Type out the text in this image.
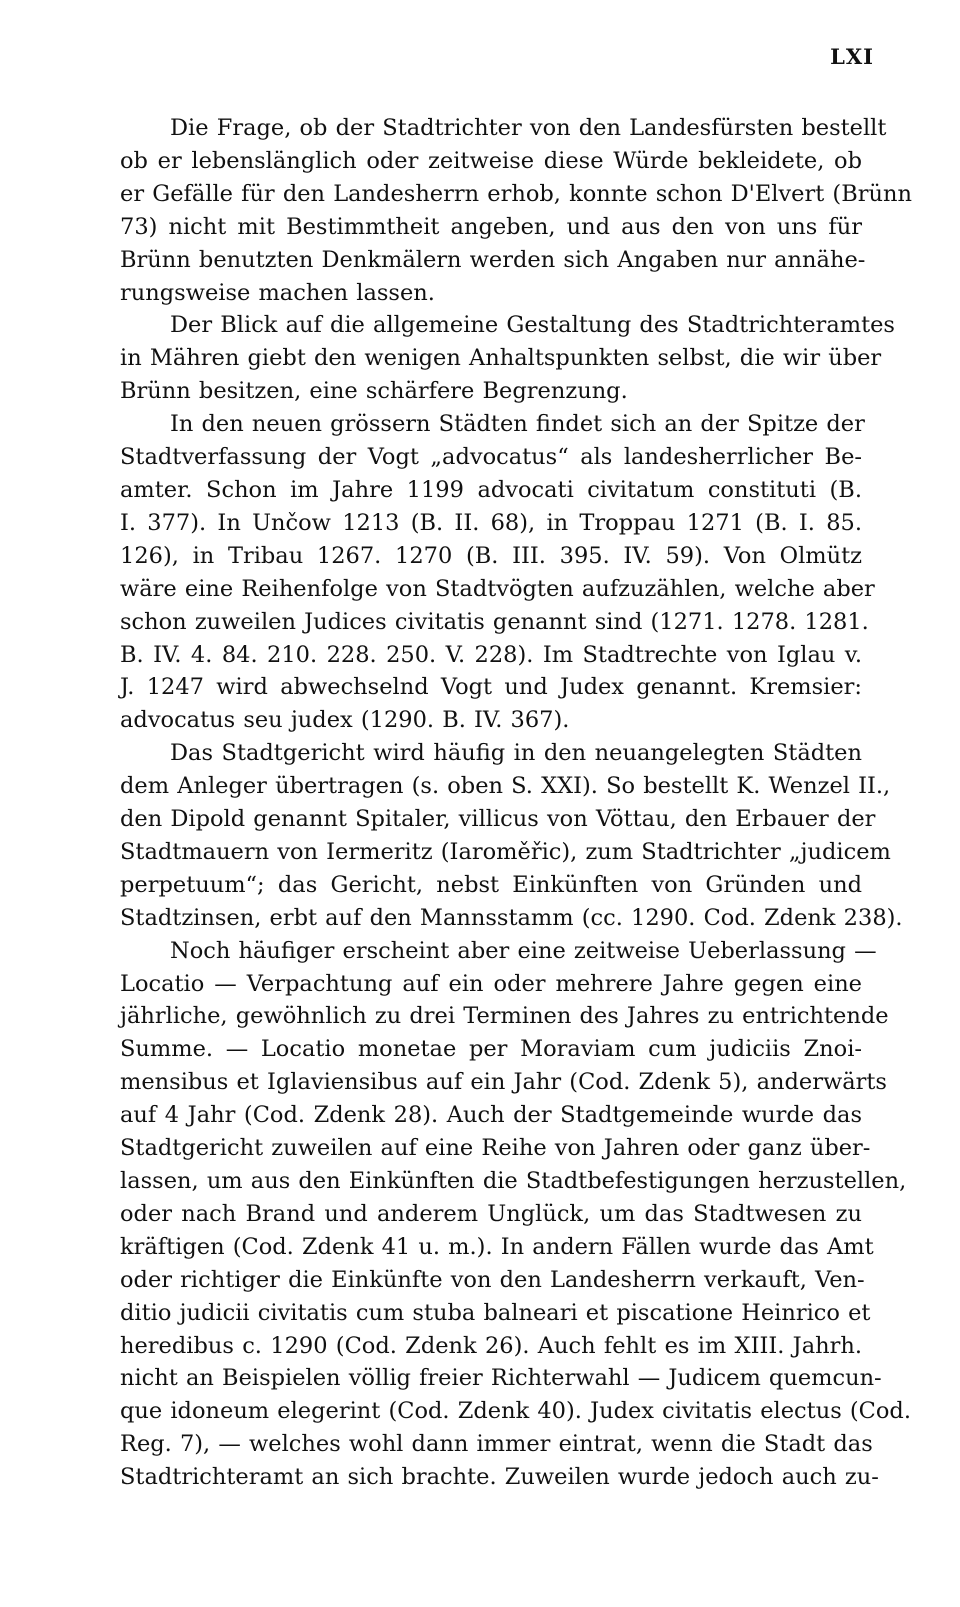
LXI
Die Frage, ob der Stadtrichter von den Landesfürsten bestellt
ob er lebenslänglich oder zeitweise diese Würde bekleidete, ob
er Gefälle für den Landesherrn erhob, konnte schon D'Elvert (Brünn
73) nicht mit Bestimmtheit angeben, und aus den von uns für
Brünn benutzten Denkmälern werden sich Angaben nur annähe-
rungsweise machen lassen.
Der Blick auf die allgemeine Gestaltung des Stadtrichteramtes
in Mähren giebt den wenigen Anhaltspunkten selbst, die wir über
Brünn besitzen, eine schärfere Begrenzung.
In den neuen grössern Städten findet sich an der Spitze der
Stadtverfassung der Vogt „advocatus“ als landesherrlicher Be-
amter. Schon im Jahre 1199 advocati civitatum constituti (B.
I. 377). In Unčow 1213 (B. II. 68), in Troppau 1271 (B. I. 85.
126), in Tribau 1267. 1270 (B. III. 395. IV. 59). Von Olmütz
wäre eine Reihenfolge von Stadtvögten aufzuzählen, welche aber
schon zuweilen Judices civitatis genannt sind (1271. 1278. 1281.
B. IV. 4. 84. 210. 228. 250. V. 228). Im Stadtrechte von Iglau v.
J. 1247 wird abwechselnd Vogt und Judex genannt. Kremsier:
advocatus seu judex (1290. B. IV. 367).
Das Stadtgericht wird häufig in den neuangelegten Städten
dem Anleger übertragen (s. oben S. XXI). So bestellt K. Wenzel II.,
den Dipold genannt Spitaler, villicus von Vöttau, den Erbauer der
Stadtmauern von Iermeritz (Iaroměřic), zum Stadtrichter „judicem
perpetuum“; das Gericht, nebst Einkünften von Gründen und
Stadtzinsen, erbt auf den Mannsstamm (cc. 1290. Cod. Zdenk 238).
Noch häufiger erscheint aber eine zeitweise Ueberlassung —
Locatio — Verpachtung auf ein oder mehrere Jahre gegen eine
jährliche, gewöhnlich zu drei Terminen des Jahres zu entrichtende
Summe. — Locatio monetae per Moraviam cum judiciis Znoi-
mensibus et Iglaviensibus auf ein Jahr (Cod. Zdenk 5), anderwärts
auf 4 Jahr (Cod. Zdenk 28). Auch der Stadtgemeinde wurde das
Stadtgericht zuweilen auf eine Reihe von Jahren oder ganz über-
lassen, um aus den Einkünften die Stadtbefestigungen herzustellen,
oder nach Brand und anderem Unglück, um das Stadtwesen zu
kräftigen (Cod. Zdenk 41 u. m.). In andern Fällen wurde das Amt
oder richtiger die Einkünfte von den Landesherrn verkauft, Ven-
ditio judicii civitatis cum stuba balneari et piscatione Heinrico et
heredibus c. 1290 (Cod. Zdenk 26). Auch fehlt es im XIII. Jahrh.
nicht an Beispielen völlig freier Richterwahl — Judicem quemcun-
que idoneum elegerint (Cod. Zdenk 40). Judex civitatis electus (Cod.
Reg. 7), — welches wohl dann immer eintrat, wenn die Stadt das
Stadtrichteramt an sich brachte. Zuweilen wurde jedoch auch zu-
